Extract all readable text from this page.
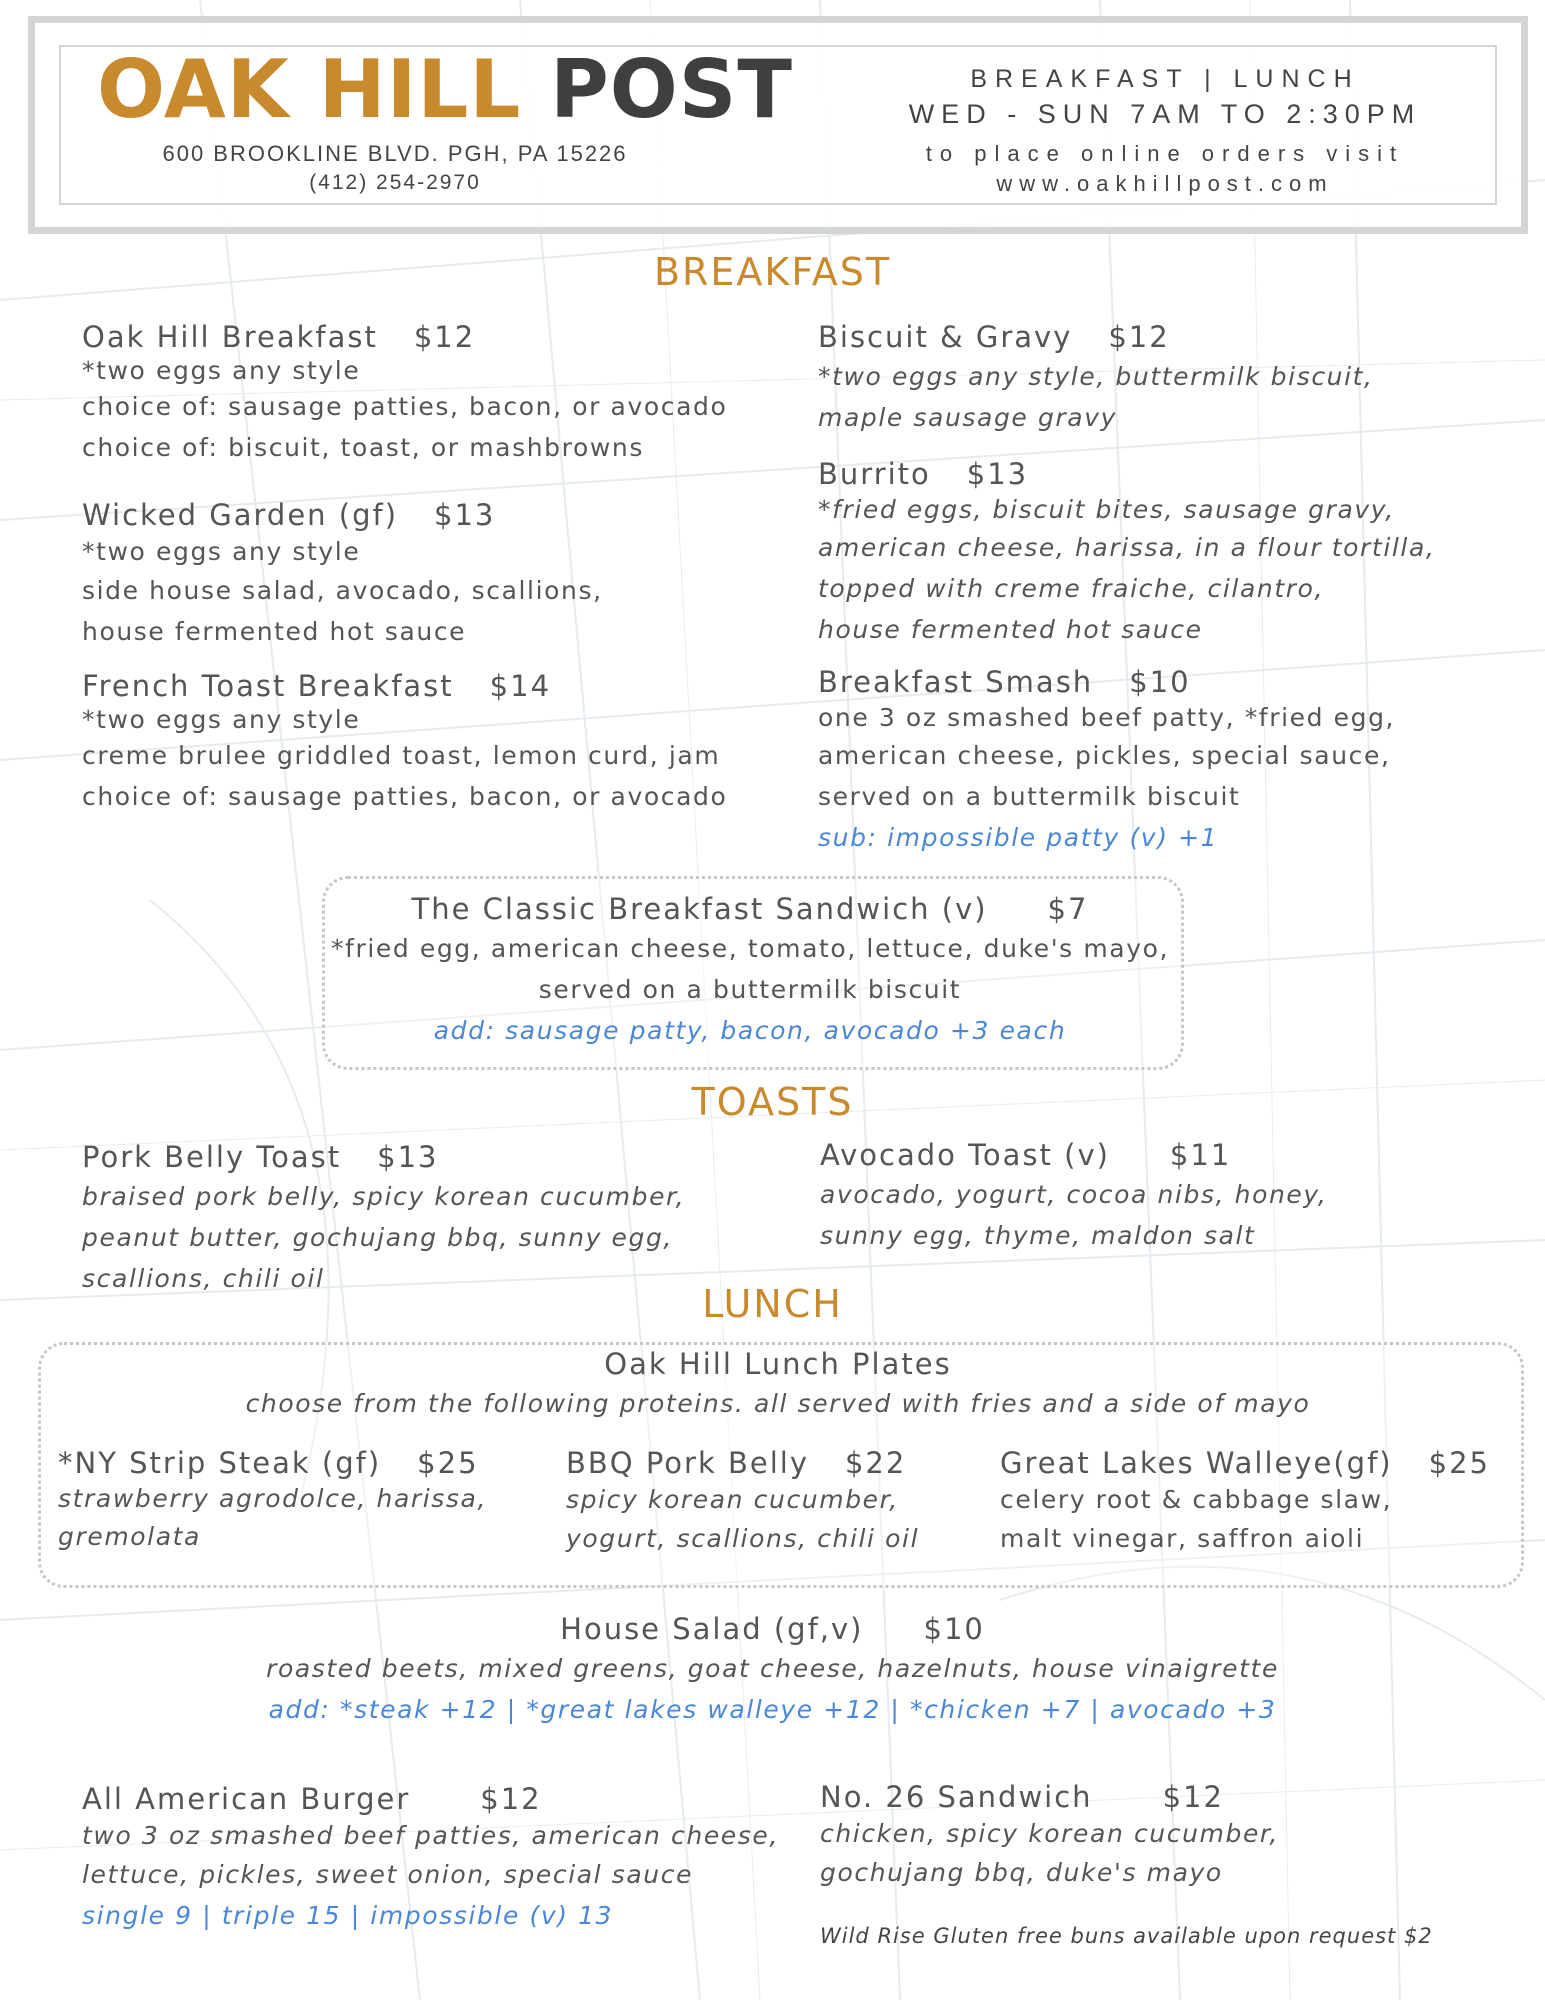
OAK HILL POST
600 BROOKLINE BLVD. PGH, PA 15226
(412) 254-2970
BREAKFAST | LUNCH
WED - SUN 7AM TO 2:30PM
to place online orders visit
www.oakhillpost.com
BREAKFAST
Oak Hill Breakfast $12
*two eggs any style
choice of: sausage patties, bacon, or avocado
choice of: biscuit, toast, or mashbrowns
Wicked Garden (gf) $13
*two eggs any style
side house salad, avocado, scallions,
house fermented hot sauce
French Toast Breakfast $14
*two eggs any style
creme brulee griddled toast, lemon curd, jam
choice of: sausage patties, bacon, or avocado
Biscuit & Gravy $12
*two eggs any style, buttermilk biscuit,
maple sausage gravy
Burrito $13
*fried eggs, biscuit bites, sausage gravy,
american cheese, harissa, in a flour tortilla,
topped with creme fraiche, cilantro,
house fermented hot sauce
Breakfast Smash $10
one 3 oz smashed beef patty, *fried egg,
american cheese, pickles, special sauce,
served on a buttermilk biscuit
sub: impossible patty (v) +1
The Classic Breakfast Sandwich (v) $7
*fried egg, american cheese, tomato, lettuce, duke's mayo,
served on a buttermilk biscuit
add: sausage patty, bacon, avocado +3 each
TOASTS
Pork Belly Toast $13
braised pork belly, spicy korean cucumber,
peanut butter, gochujang bbq, sunny egg,
scallions, chili oil
Avocado Toast (v) $11
avocado, yogurt, cocoa nibs, honey,
sunny egg, thyme, maldon salt
LUNCH
Oak Hill Lunch Plates
choose from the following proteins. all served with fries and a side of mayo
*NY Strip Steak (gf) $25
strawberry agrodolce, harissa,
gremolata
BBQ Pork Belly $22
spicy korean cucumber,
yogurt, scallions, chili oil
Great Lakes Walleye(gf) $25
celery root & cabbage slaw,
malt vinegar, saffron aioli
House Salad (gf,v) $10
roasted beets, mixed greens, goat cheese, hazelnuts, house vinaigrette
add: *steak +12 | *great lakes walleye +12 | *chicken +7 | avocado +3
All American Burger $12
two 3 oz smashed beef patties, american cheese,
lettuce, pickles, sweet onion, special sauce
single 9 | triple 15 | impossible (v) 13
No. 26 Sandwich $12
chicken, spicy korean cucumber,
gochujang bbq, duke's mayo
Wild Rise Gluten free buns available upon request $2
